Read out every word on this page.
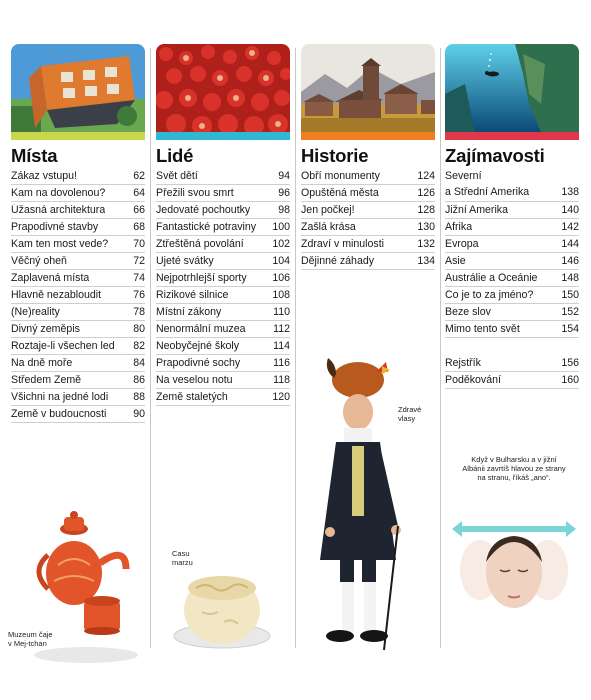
Místa
Zákaz vstupu!	62
Kam na dovolenou?	64
Úžasná architektura	66
Prapodivné stavby	68
Kam ten most vede? 70
Věčný oheň	72
Zaplavená místa	74
Hlavně nezabloudit	76
(Ne)reality	78
Divný zeměpis	80
Roztaje-li všechen led 82
Na dně moře	84
Středem Země	86
Všichni na jedné lodi 88
Země v budoucnosti	90
Lidé
Svět dětí	94
Přežili svou smrt	96
Jedovaté pochoutky	98
Fantastické potraviny 100
Ztřeštěná povolání	102
Ujeté svátky	104
Nejpotrhlejší sporty 106
Rizikové silnice	108
Místní zákony	110
Nenormální muzea	112
Neobyčejné školy	114
Prapodivné sochy	116
Na veselou notu	118
Země staletých	120
Historie
Obří monumenty	124
Opuštěná města	126
Jen počkej!	128
Zašlá krása	130
Zdraví v minulosti	132
Dějinné záhady	134
Zajímavosti
Severní
a Střední Amerika	138
Jižní Amerika	140
Afrika	142
Evropa	144
Asie	146
Austrálie a Oceánie 148
Co je to za jméno?	150
Beze slov	152
Mimo tento svět	154
Rejstřík	156
Poděkování	160
Muzeum čaje
v Mej-tchan
Casu
marzu
Zdravé vlasy
Když v Bulharsku a v jižní
Albánii zavrtíš hlavou ze strany
na stranu, říkáš „ano“.
